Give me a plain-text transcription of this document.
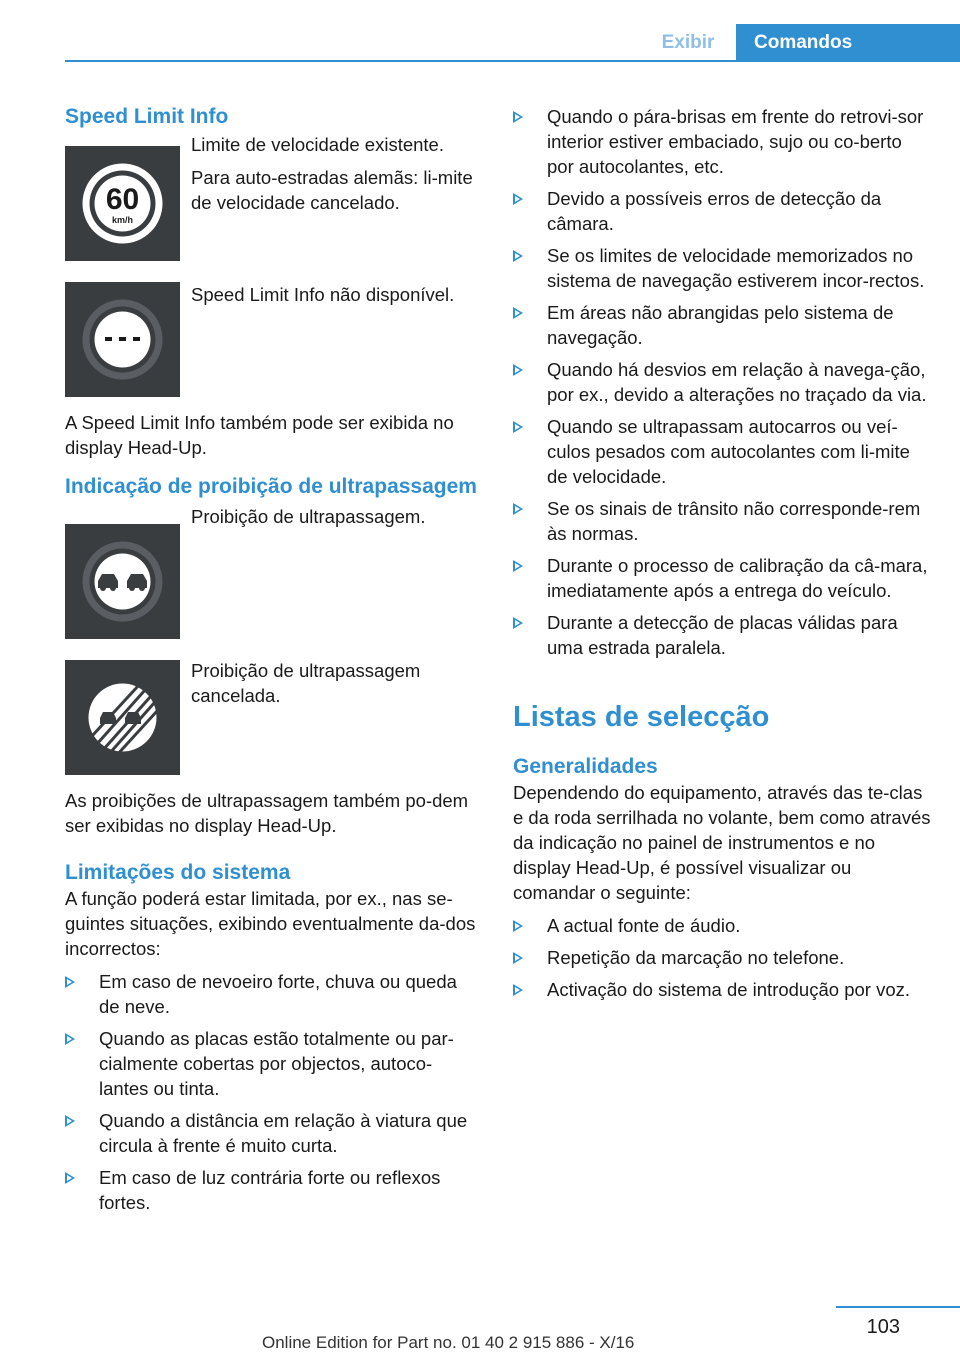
Exibir	Comandos
Speed Limit Info
60
km/h

Limite de velocidade existente.

Para auto-estradas alemãs: li‐mite de velocidade cancelado.

Speed Limit Info não disponível.

A Speed Limit Info também pode ser exibida no display Head-Up.

Indicação de proibição de ultrapassagem

Proibição de ultrapassagem.

Proibição de ultrapassagem cancelada.

As proibições de ultrapassagem também po‐dem ser exibidas no display Head-Up.

Limitações do sistema

A função poderá estar limitada, por ex., nas se‐guintes situações, exibindo eventualmente da‐dos incorrectos:

Em caso de nevoeiro forte, chuva ou queda de neve.
Quando as placas estão totalmente ou par‐cialmente cobertas por objectos, autoco‐lantes ou tinta.
Quando a distância em relação à viatura que circula à frente é muito curta.
Em caso de luz contrária forte ou reflexos fortes.
Quando o pára-brisas em frente do retrovi‐sor interior estiver embaciado, sujo ou co‐berto por autocolantes, etc.
Devido a possíveis erros de detecção da câmara.
Se os limites de velocidade memorizados no sistema de navegação estiverem incor‐rectos.
Em áreas não abrangidas pelo sistema de navegação.
Quando há desvios em relação à navega‐ção, por ex., devido a alterações no traçado da via.
Quando se ultrapassam autocarros ou veí‐culos pesados com autocolantes com li‐mite de velocidade.
Se os sinais de trânsito não corresponde‐rem às normas.
Durante o processo de calibração da câ‐mara, imediatamente após a entrega do veículo.
Durante a detecção de placas válidas para uma estrada paralela.
Listas de selecção
Generalidades

Dependendo do equipamento, através das te‐clas e da roda serrilhada no volante, bem como através da indicação no painel de instrumentos e no display Head-Up, é possível visualizar ou comandar o seguinte:

A actual fonte de áudio.
Repetição da marcação no telefone.
Activação do sistema de introdução por voz.
103
Online Edition for Part no. 01 40 2 915 886 - X/16
